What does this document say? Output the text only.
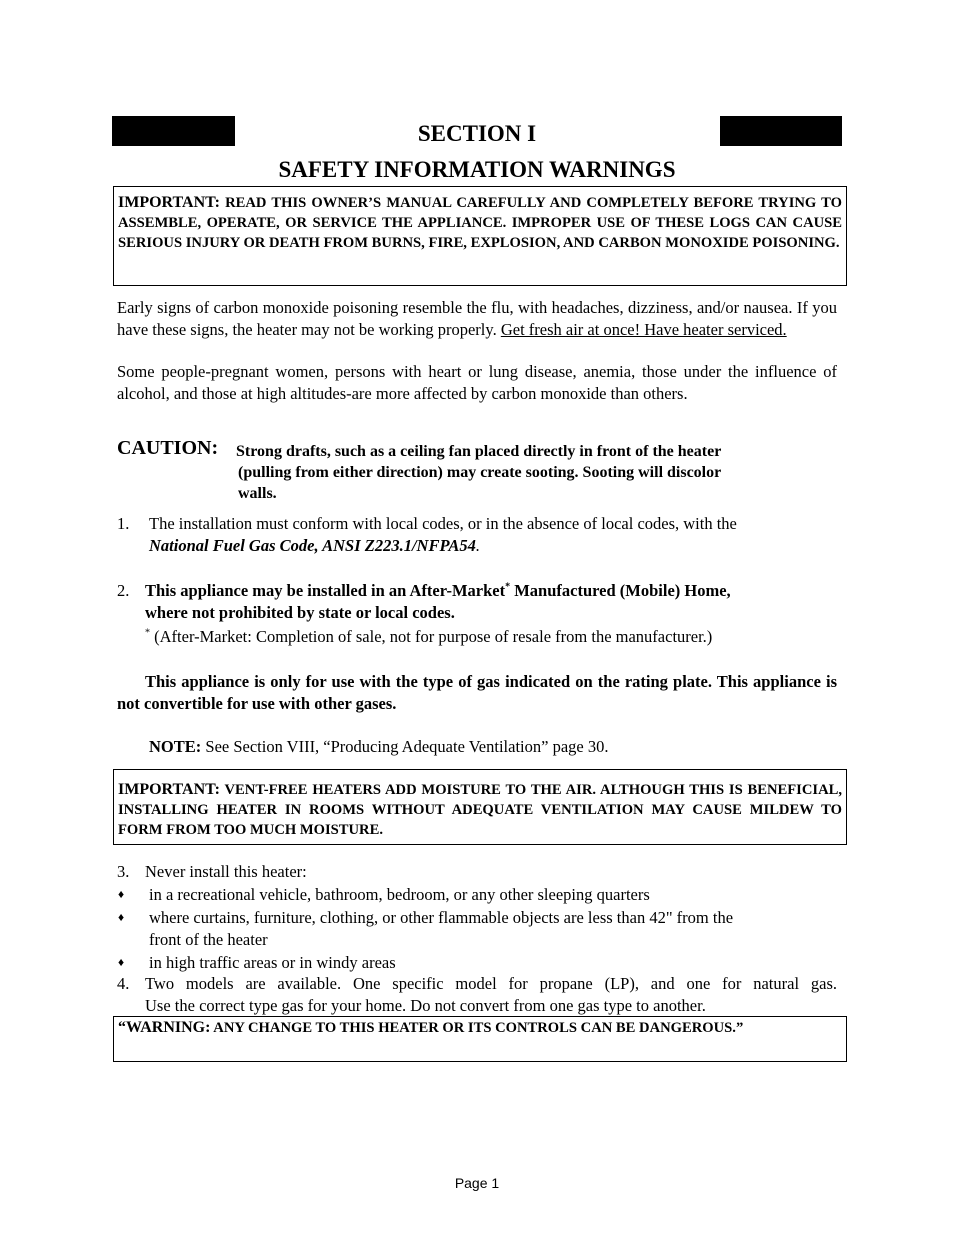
SECTION I
SAFETY INFORMATION WARNINGS
IMPORTANT: READ THIS OWNER’S MANUAL CAREFULLY AND COMPLETELY BEFORE TRYING TO ASSEMBLE, OPERATE, OR SERVICE THE APPLIANCE. IMPROPER USE OF THESE LOGS CAN CAUSE SERIOUS INJURY OR DEATH FROM BURNS, FIRE, EXPLOSION, AND CARBON MONOXIDE POISONING.
Early signs of carbon monoxide poisoning resemble the flu, with headaches, dizziness, and/or nausea. If you have these signs, the heater may not be working properly. Get fresh air at once! Have heater serviced.
Some people-pregnant women, persons with heart or lung disease, anemia, those under the influence of alcohol, and those at high altitudes-are more affected by carbon monoxide than others.
CAUTION: Strong drafts, such as a ceiling fan placed directly in front of the heater
(pulling from either direction) may create sooting. Sooting will discolor
walls.
1. The installation must conform with local codes, or in the absence of local codes, with the
National Fuel Gas Code, ANSI Z223.1/NFPA54.
2. This appliance may be installed in an After-Market* Manufactured (Mobile) Home,
where not prohibited by state or local codes.
* (After-Market: Completion of sale, not for purpose of resale from the manufacturer.)
This appliance is only for use with the type of gas indicated on the rating plate. This appliance is not convertible for use with other gases.
NOTE: See Section VIII, “Producing Adequate Ventilation” page 30.
IMPORTANT: VENT-FREE HEATERS ADD MOISTURE TO THE AIR. ALTHOUGH THIS IS BENEFICIAL, INSTALLING HEATER IN ROOMS WITHOUT ADEQUATE VENTILATION MAY CAUSE MILDEW TO FORM FROM TOO MUCH MOISTURE.
3. Never install this heater:
♦ in a recreational vehicle, bathroom, bedroom, or any other sleeping quarters
♦ where curtains, furniture, clothing, or other flammable objects are less than 42" from the
front of the heater
♦ in high traffic areas or in windy areas
4. Two models are available. One specific model for propane (LP), and one for natural gas.
Use the correct type gas for your home. Do not convert from one gas type to another.
“WARNING: ANY CHANGE TO THIS HEATER OR ITS CONTROLS CAN BE DANGEROUS.”
Page 1
